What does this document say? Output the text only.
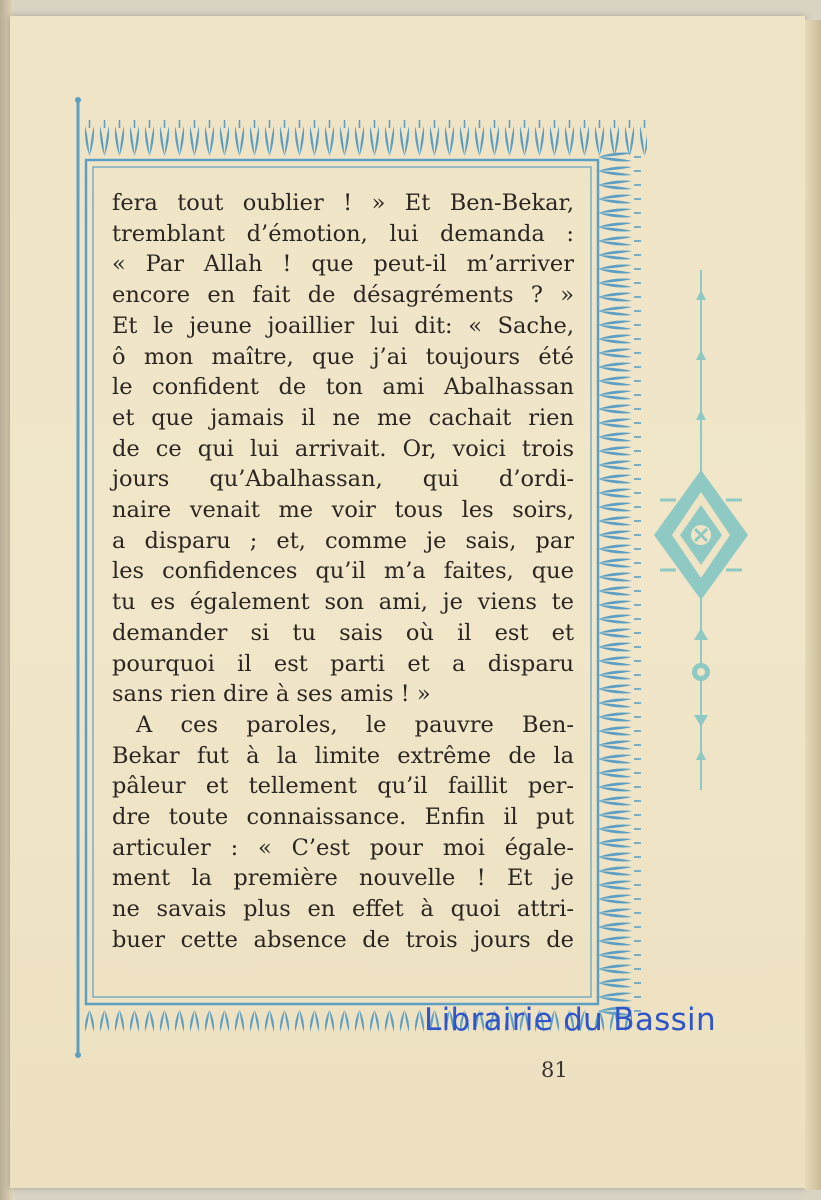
fera tout oublier ! » Et Ben-Bekar,
tremblant d’émotion, lui demanda :
« Par Allah ! que peut-il m’arriver
encore en fait de désagréments ? »
Et le jeune joaillier lui dit: « Sache,
ô mon maître, que j’ai toujours été
le confident de ton ami Abalhassan
et que jamais il ne me cachait rien
de ce qui lui arrivait. Or, voici trois
jours qu’Abalhassan, qui d’ordi-
naire venait me voir tous les soirs,
a disparu ; et, comme je sais, par
les confidences qu’il m’a faites, que
tu es également son ami, je viens te
demander si tu sais où il est et
pourquoi il est parti et a disparu
sans rien dire à ses amis ! »
A ces paroles, le pauvre Ben-
Bekar fut à la limite extrême de la
pâleur et tellement qu’il faillit per-
dre toute connaissance. Enfin il put
articuler : « C’est pour moi égale-
ment la première nouvelle ! Et je
ne savais plus en effet à quoi attri-
buer cette absence de trois jours de
Librairie du Bassin
81
